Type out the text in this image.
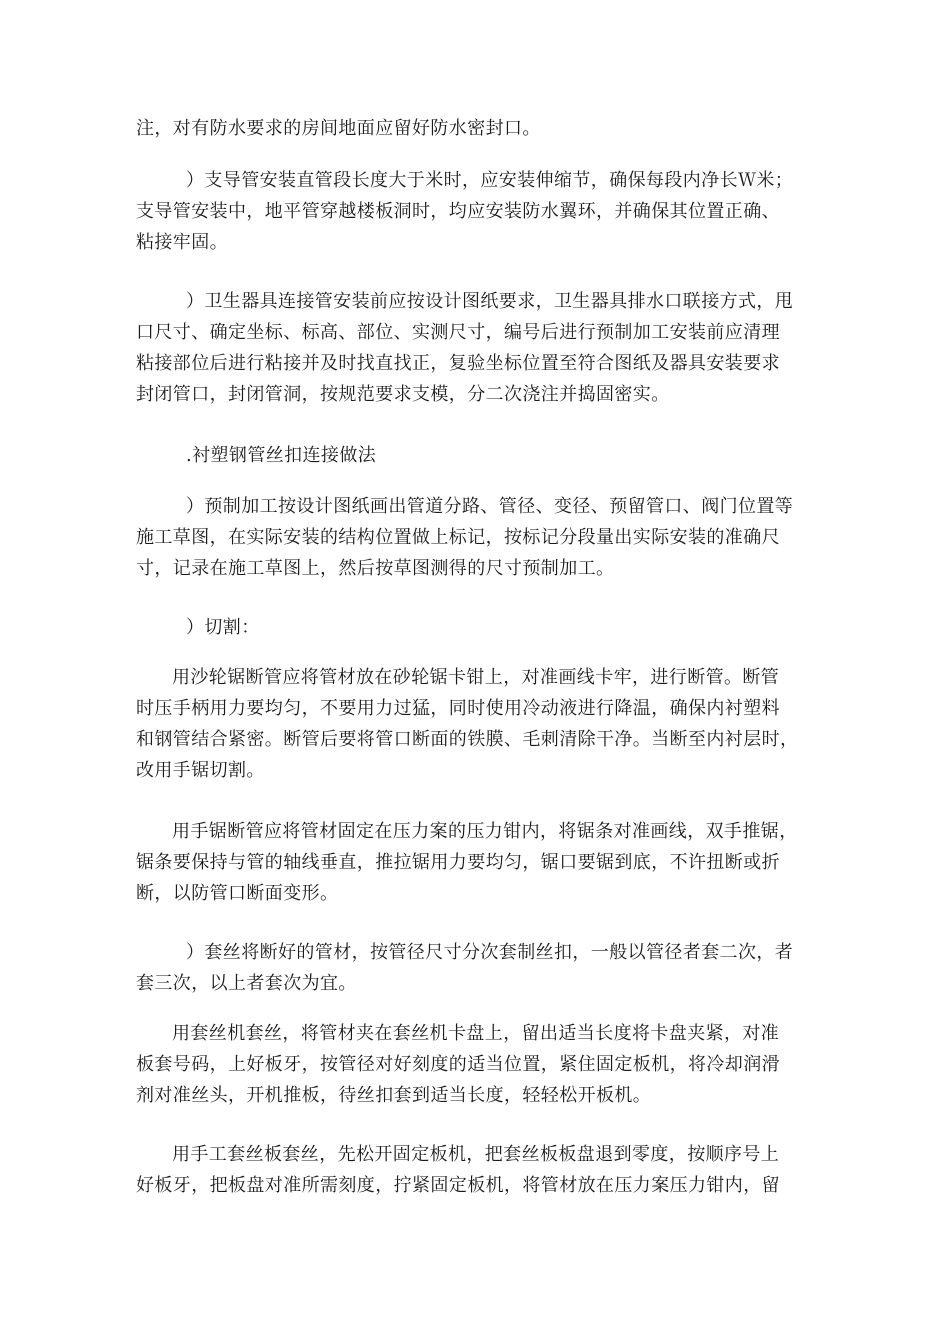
注，对有防水要求的房间地面应留好防水密封口。
）支导管安装直管段长度大于米时，应安装伸缩节，确保每段内净长Ｗ米；
支导管安装中，地平管穿越楼板洞时，均应安装防水翼环，并确保其位置正确、
粘接牢固。
）卫生器具连接管安装前应按设计图纸要求，卫生器具排水口联接方式，甩
口尺寸、确定坐标、标高、部位、实测尺寸，编号后进行预制加工安装前应清理
粘接部位后进行粘接并及时找直找正，复验坐标位置至符合图纸及器具安装要求
封闭管口，封闭管洞，按规范要求支模，分二次浇注并捣固密实。
.衬塑钢管丝扣连接做法
）预制加工按设计图纸画出管道分路、管径、变径、预留管口、阀门位置等
施工草图，在实际安装的结构位置做上标记，按标记分段量出实际安装的准确尺
寸，记录在施工草图上，然后按草图测得的尺寸预制加工。
）切割：
用沙轮锯断管应将管材放在砂轮锯卡钳上，对准画线卡牢，进行断管。断管
时压手柄用力要均匀，不要用力过猛，同时使用冷动液进行降温，确保内衬塑料
和钢管结合紧密。断管后要将管口断面的铁膜、毛刺清除干净。当断至内衬层时，
改用手锯切割。
用手锯断管应将管材固定在压力案的压力钳内，将锯条对准画线，双手推锯，
锯条要保持与管的轴线垂直，推拉锯用力要均匀，锯口要锯到底，不许扭断或折
断，以防管口断面变形。
）套丝将断好的管材，按管径尺寸分次套制丝扣，一般以管径者套二次，者
套三次，以上者套次为宜。
用套丝机套丝，将管材夹在套丝机卡盘上，留出适当长度将卡盘夹紧，对准
板套号码，上好板牙，按管径对好刻度的适当位置，紧住固定板机，将冷却润滑
剂对准丝头，开机推板，待丝扣套到适当长度，轻轻松开板机。
用手工套丝板套丝，先松开固定板机，把套丝板板盘退到零度，按顺序号上
好板牙，把板盘对准所需刻度，拧紧固定板机，将管材放在压力案压力钳内，留
